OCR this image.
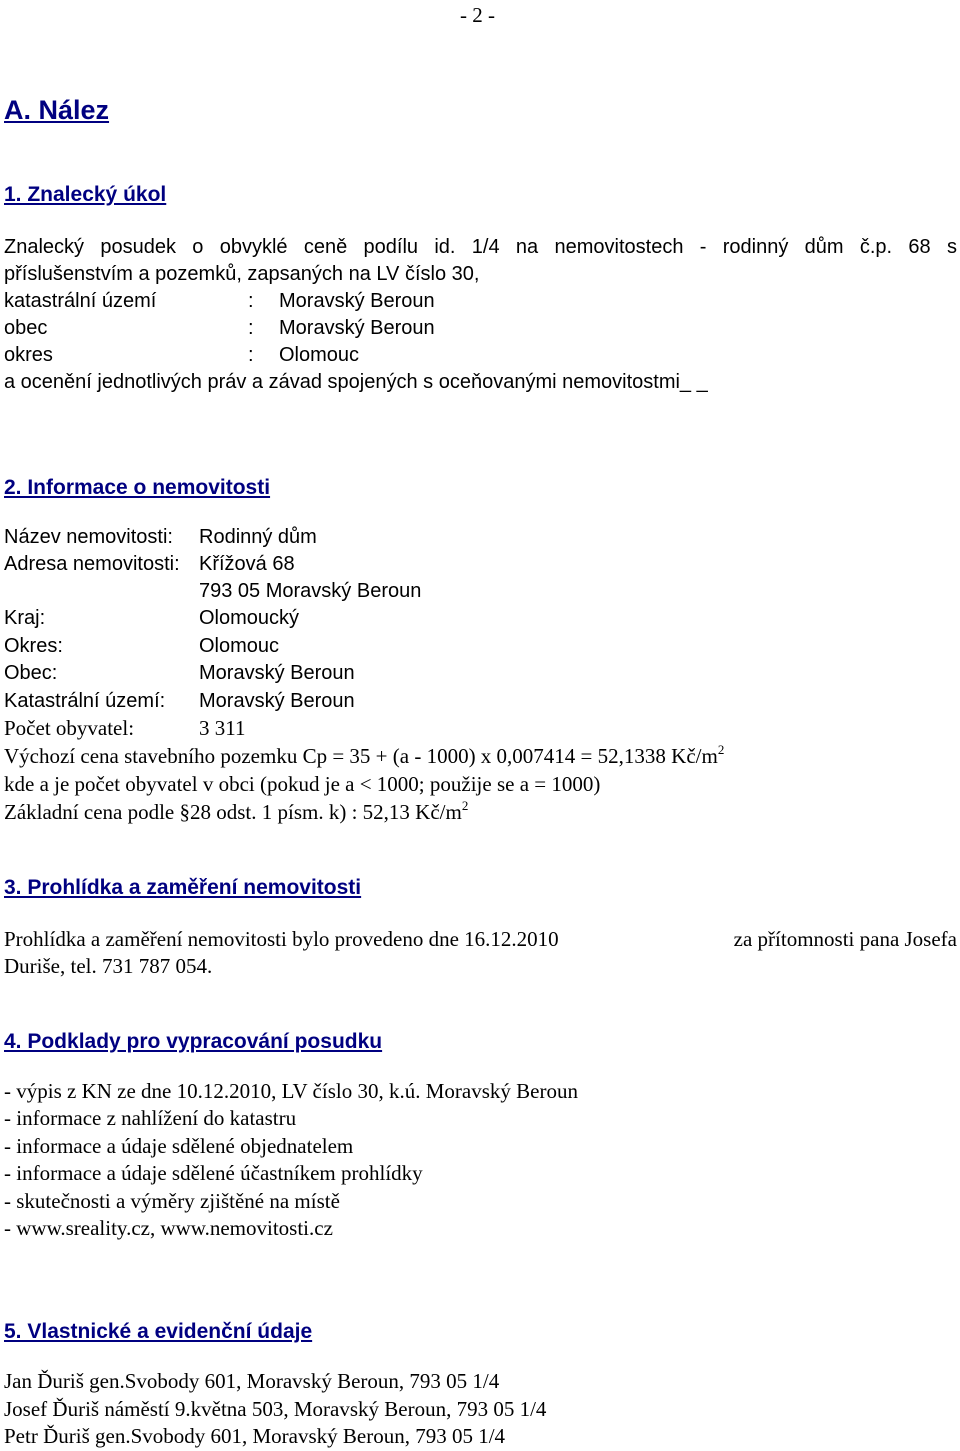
- 2 -
A. Nález
1. Znalecký úkol
Znalecký posudek o obvyklé ceně podílu id. 1/4 na nemovitostech - rodinný dům č.p. 68 s
příslušenstvím a pozemků, zapsaných na LV číslo 30,
katastrální území	: Moravský Beroun
obec	: Moravský Beroun
okres	: Olomouc
a ocenění jednotlivých práv a závad spojených s oceňovanými nemovitostmi_ _
2. Informace o nemovitosti
Název nemovitosti: Rodinný dům
Adresa nemovitosti: Křížová 68
793 05 Moravský Beroun
Kraj:	Olomoucký
Okres:	Olomouc
Obec:	Moravský Beroun
Katastrální území: Moravský Beroun
Počet obyvatel:	3 311
Výchozí cena stavebního pozemku Cp = 35 + (a - 1000) x 0,007414 = 52,1338 $Kč/m^2$
kde a je počet obyvatel v obci (pokud je a < 1000; použije se a = 1000)
Základní cena podle §28 odst. 1 písm. k) : 52,13 $Kč/m^2$
3. Prohlídka a zaměření nemovitosti
Prohlídka a zaměření nemovitosti bylo provedeno dne 16.12.2010	za přítomnosti pana Josefa
Duriše, tel. 731 787 054.
4. Podklady pro vypracování posudku
- výpis z KN ze dne 10.12.2010, LV číslo 30, k.ú. Moravský Beroun
- informace z nahlížení do katastru
- informace a údaje sdělené objednatelem
- informace a údaje sdělené účastníkem prohlídky
- skutečnosti a výměry zjištěné na místě
- www.sreality.cz, www.nemovitosti.cz
5. Vlastnické a evidenční údaje
Jan Ďuriš gen.Svobody 601, Moravský Beroun, 793 05 1/4
Josef Ďuriš náměstí 9.května 503, Moravský Beroun, 793 05 1/4
Petr Ďuriš gen.Svobody 601, Moravský Beroun, 793 05 1/4
